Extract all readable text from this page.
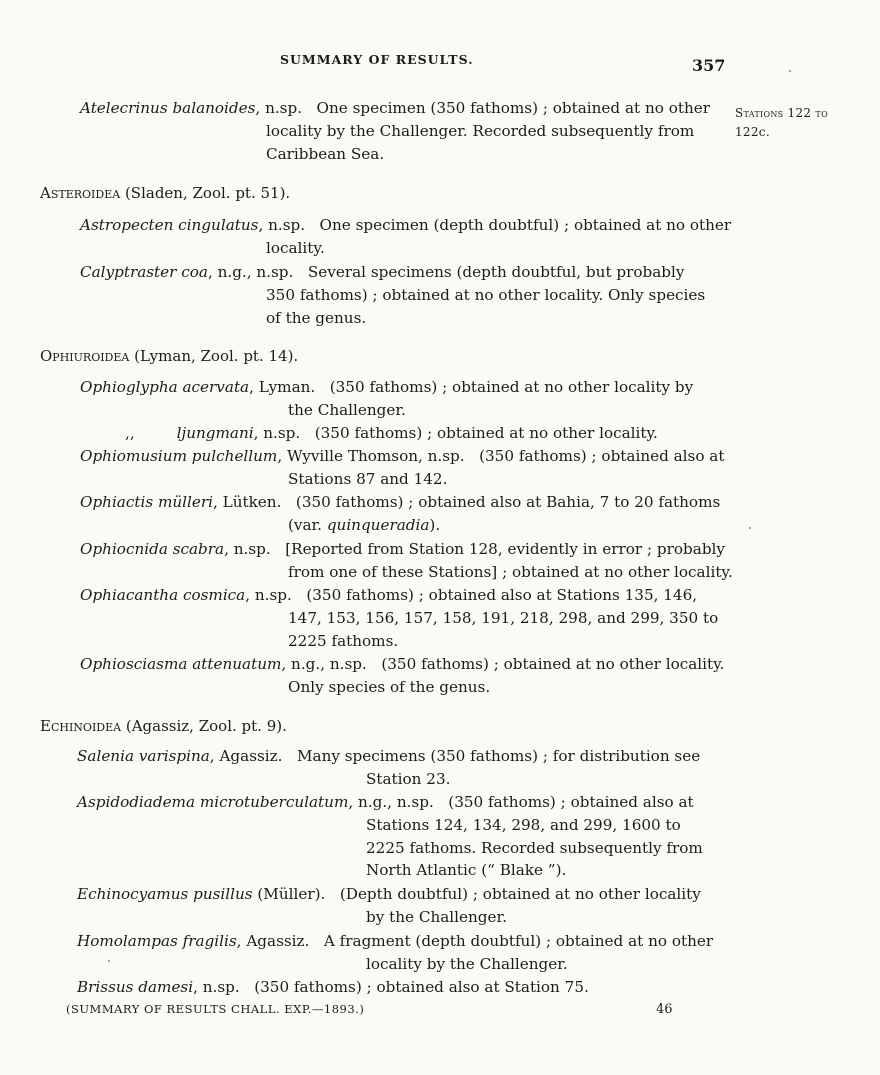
SUMMARY OF RESULTS.	357
Stations 122 to
122c.
Atelecrinus balanoides, n.sp. One specimen (350 fathoms) ; obtained at no other
locality by the Challenger. Recorded subsequently from
Caribbean Sea.
Asteroidea (Sladen, Zool. pt. 51).
Astropecten cingulatus, n.sp. One specimen (depth doubtful) ; obtained at no other
locality.
Calyptraster coa, n.g., n.sp. Several specimens (depth doubtful, but probably
350 fathoms) ; obtained at no other locality. Only species
of the genus.
Ophiuroidea (Lyman, Zool. pt. 14).
Ophioglypha acervata, Lyman. (350 fathoms) ; obtained at no other locality by
the Challenger.
,,	ljungmani, n.sp. (350 fathoms) ; obtained at no other locality.
Ophiomusium pulchellum, Wyville Thomson, n.sp. (350 fathoms) ; obtained also at
Stations 87 and 142.
Ophiactis mülleri, Lütken. (350 fathoms) ; obtained also at Bahia, 7 to 20 fathoms
(var. quinqueradia).
Ophiocnida scabra, n.sp. [Reported from Station 128, evidently in error ; probably
from one of these Stations] ; obtained at no other locality.
Ophiacantha cosmica, n.sp. (350 fathoms) ; obtained also at Stations 135, 146,
147, 153, 156, 157, 158, 191, 218, 298, and 299, 350 to
2225 fathoms.
Ophiosciasma attenuatum, n.g., n.sp. (350 fathoms) ; obtained at no other locality.
Only species of the genus.
Echinoidea (Agassiz, Zool. pt. 9).
Salenia varispina, Agassiz. Many specimens (350 fathoms) ; for distribution see
Station 23.
Aspidodiadema microtuberculatum, n.g., n.sp. (350 fathoms) ; obtained also at
Stations 124, 134, 298, and 299, 1600 to
2225 fathoms. Recorded subsequently from
North Atlantic (“ Blake ”).
Echinocyamus pusillus (Müller). (Depth doubtful) ; obtained at no other locality
by the Challenger.
Homolampas fragilis, Agassiz. A fragment (depth doubtful) ; obtained at no other
locality by the Challenger.
Brissus damesi, n.sp. (350 fathoms) ; obtained also at Station 75.
(SUMMARY OF RESULTS CHALL. EXP.—1893.)	46
